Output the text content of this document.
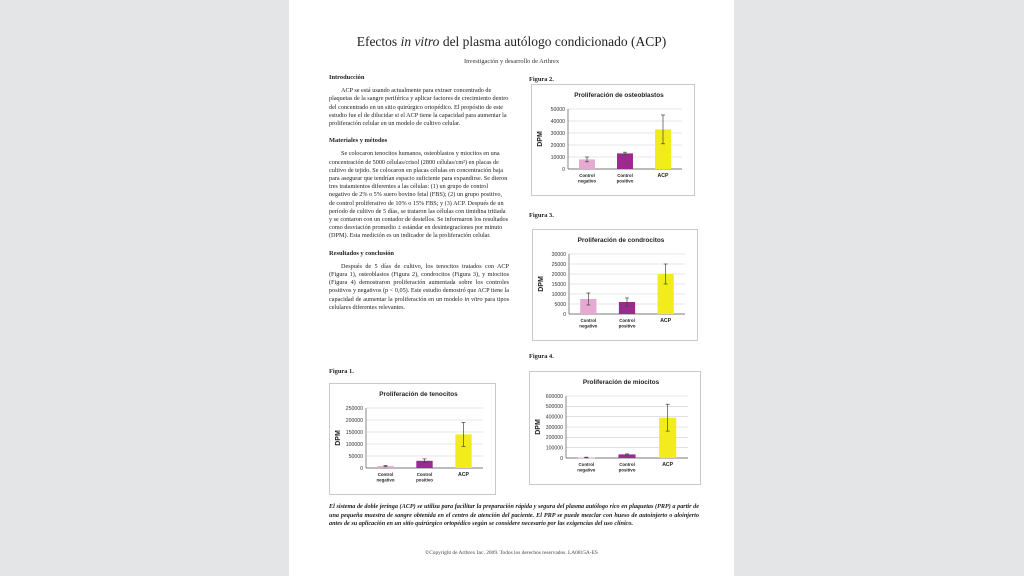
Efectos in vitro del plasma autólogo condicionado (ACP)
Investigación y desarrollo de Arthrex
Introducción

ACP se está usando actualmente para extraer concentrado de plaquetas de la sangre periférica y aplicar factores de crecimiento dentro del concentrado en un sitio quirúrgico ortopédico. El propósito de este estudio fue el de dilucidar si el ACP tiene la capacidad para aumentar la proliferación celular en un modelo de cultivo celular.

Materiales y métodos

Se colocaron tenocitos humanos, osteoblastos y miocitos en una concentración de 5000 células/crisol (2800 células/cm²) en placas de cultivo de tejido. Se colocaron en placas células en concentración baja para asegurar que tendrían espacio suficiente para expandirse. Se dieron tres tratamientos diferentes a las células: (1) un grupo de control negativo de 2% o 5% suero bovino fetal (FBS); (2) un grupo positivo, de control proliferativo de 10% o 15% FBS; y (3) ACP. Después de un período de cultivo de 5 días, se trataron las células con timidina tritiada y se contaron con un contador de destellos. Se informaron los resultados como desviación promedio ± estándar en desintegraciones por minuto (DPM). Esta medición es un indicador de la proliferación celular.

Resultados y conclusión

Después de 5 días de cultivo, los tenocitos tratados con ACP (Figura 1), osteoblastos (Figura 2), condrocitos (Figura 3), y miocitos (Figura 4) demostraron proliferación aumentada sobre los controles positivos y negativos (p < 0,05). Este estudio demostró que ACP tiene la capacidad de aumentar la proliferación en un modelo in vitro para tipos celulares diferentes relevantes.

Figura 1.
Proliferación de tenocitos
0
50000
100000
150000
200000
250000
DPM
Control negativo
Control positivo
ACP
Figura 2.
Proliferación de osteoblastos
0
10000
20000
30000
40000
50000
DPM
Control negativo
Control positivo
ACP
Figura 3.
Proliferación de condrocitos
0
5000
10000
15000
20000
25000
30000
DPM
Control negativo
Control positivo
ACP
Figura 4.
Proliferación de miocitos
0
100000
200000
300000
400000
500000
600000
DPM
Control negativo
Control positivo
ACP
El sistema de doble jeringa (ACP) se utiliza para facilitar la preparación rápida y segura del plasma autólogo rico en plaquetas (PRP) a partir de una pequeña muestra de sangre obtenida en el centro de atención del paciente. El PRP se puede mezclar con hueso de autoinjerto o aloinjerto antes de su aplicación en un sitio quirúrgico ortopédico según se considere necesario por las exigencias del uso clínico.
©Copyright de Arthrex Inc. 2009. Todos los derechos reservados. LA0815A-ES
